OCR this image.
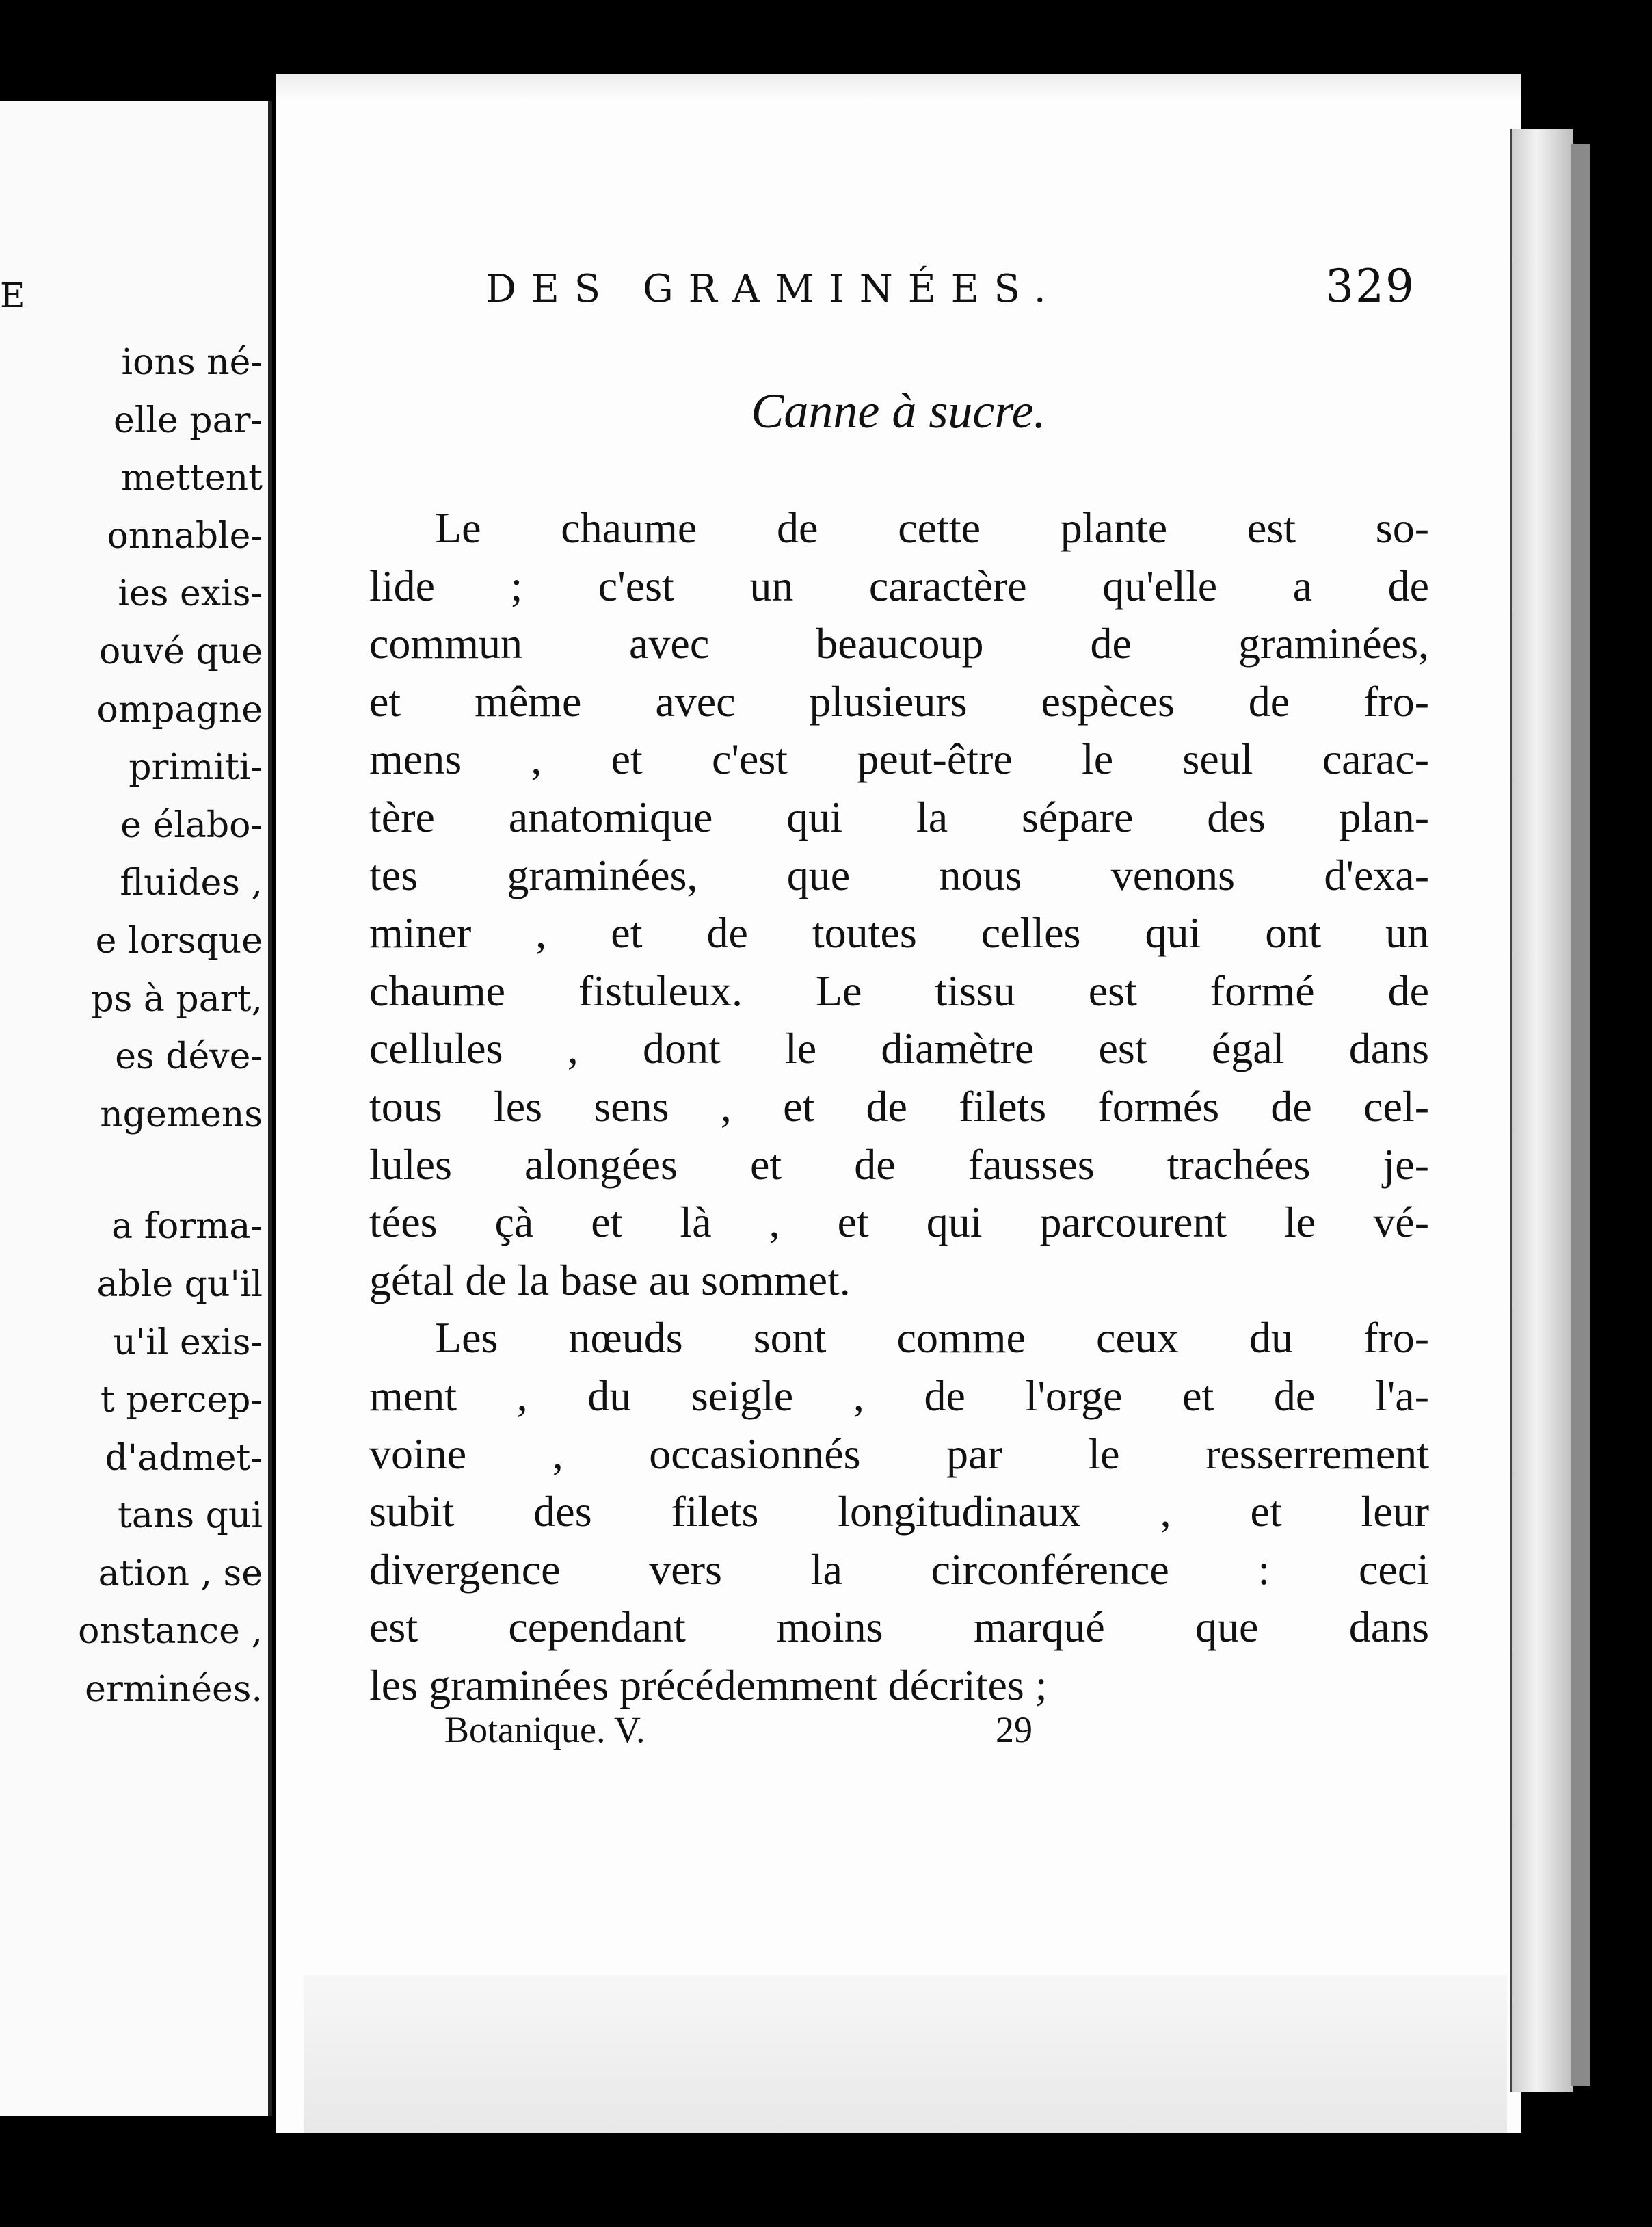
E
ions né-
elle par-
mettent
onnable-
ies exis-
ouvé que
ompagne
primiti-
e élabo-
fluides ,
e lorsque
ps à part,
es déve-
ngemens
a forma-
able qu'il
u'il exis-
t percep-
d'admet-
tans qui
ation , se
onstance ,
erminées.
DES GRAMINÉES.	329
Canne à sucre.
Le chaume de cette plante est so-
lide ; c'est un caractère qu'elle a de
commun avec beaucoup de graminées,
et même avec plusieurs espèces de fro-
mens , et c'est peut-être le seul carac-
tère anatomique qui la sépare des plan-
tes graminées, que nous venons d'exa-
miner , et de toutes celles qui ont un
chaume fistuleux. Le tissu est formé de
cellules , dont le diamètre est égal dans
tous les sens , et de filets formés de cel-
lules alongées et de fausses trachées je-
tées çà et là , et qui parcourent le vé-
gétal de la base au sommet.
Les nœuds sont comme ceux du fro-
ment , du seigle , de l'orge et de l'a-
voine , occasionnés par le resserrement
subit des filets longitudinaux , et leur
divergence vers la circonférence : ceci
est cependant moins marqué que dans
les graminées précédemment décrites ;
Botanique. V.	29
